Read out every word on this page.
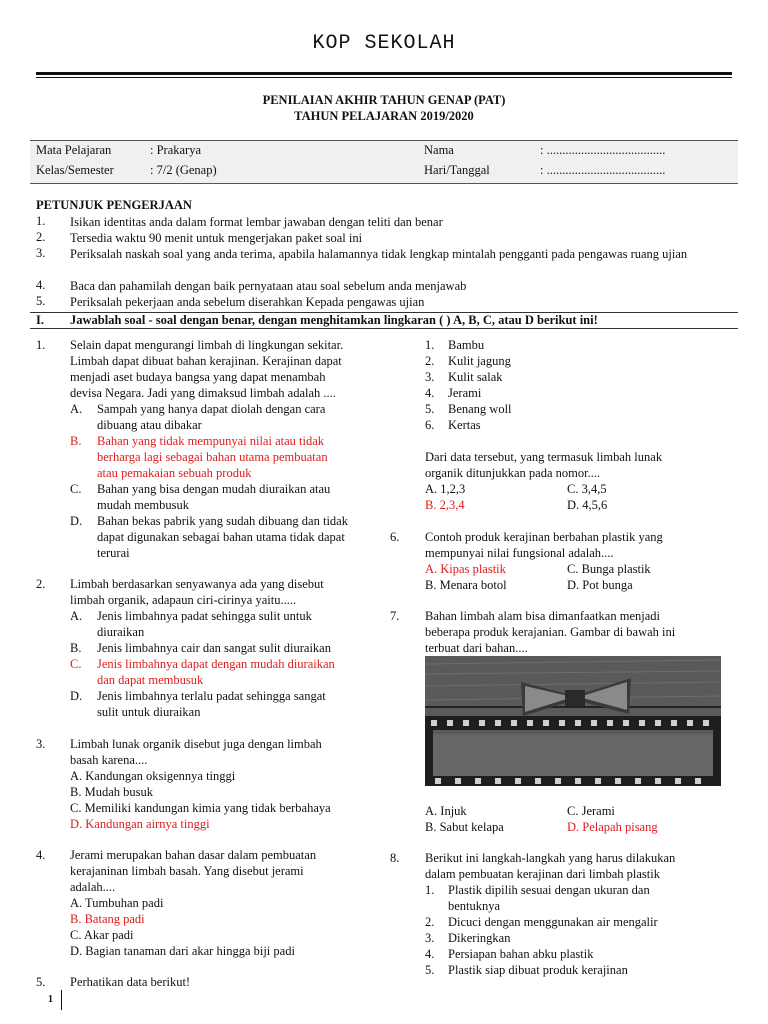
KOP SEKOLAH
PENILAIAN AKHIR TAHUN GENAP (PAT)
TAHUN PELAJARAN 2019/2020
Mata Pelajaran	: Prakarya
Kelas/Semester	: 7/2 (Genap)
Nama	: ......................................
Hari/Tanggal	: ......................................
PETUNJUK PENGERJAAN
1. Isikan identitas anda dalam format lembar jawaban dengan teliti dan benar
2. Tersedia waktu 90 menit untuk mengerjakan paket soal ini
3. Periksalah naskah soal yang anda terima, apabila halamannya tidak lengkap mintalah pengganti pada pengawas ruang ujian
4. Baca dan pahamilah dengan baik pernyataan atau soal sebelum anda menjawab
5. Periksalah pekerjaan anda sebelum diserahkan Kepada pengawas ujian
I. Jawablah soal - soal dengan benar, dengan menghitamkan lingkaran ( ) A, B, C, atau D berikut ini!
1. Selain dapat mengurangi limbah di lingkungan sekitar.
Limbah dapat dibuat bahan kerajinan. Kerajinan dapat
menjadi aset budaya bangsa yang dapat menambah
devisa Negara. Jadi yang dimaksud limbah adalah ....
A. Sampah yang hanya dapat diolah dengan cara
dibuang atau dibakar
B. Bahan yang tidak mempunyai nilai atau tidak
berharga lagi sebagai bahan utama pembuatan
atau pemakaian sebuah produk
C. Bahan yang bisa dengan mudah diuraikan atau
mudah membusuk
D. Bahan bekas pabrik yang sudah dibuang dan tidak
dapat digunakan sebagai bahan utama tidak dapat
terurai
2. Limbah berdasarkan senyawanya ada yang disebut
limbah organik, adapaun ciri-cirinya yaitu.....
A. Jenis limbahnya padat sehingga sulit untuk
diuraikan
B. Jenis limbahnya cair dan sangat sulit diuraikan
C. Jenis limbahnya dapat dengan mudah diuraikan
dan dapat membusuk
D. Jenis limbahnya terlalu padat sehingga sangat
sulit untuk diuraikan
3. Limbah lunak organik disebut juga dengan limbah
basah karena....
A. Kandungan oksigennya tinggi
B. Mudah busuk
C. Memiliki kandungan kimia yang tidak berbahaya
D. Kandungan airnya tinggi
4. Jerami merupakan bahan dasar dalam pembuatan
kerajaninan limbah basah. Yang disebut jerami
adalah....
A. Tumbuhan padi
B. Batang padi
C. Akar padi
D. Bagian tanaman dari akar hingga biji padi
5. Perhatikan data berikut!
1. Bambu
2. Kulit jagung
3. Kulit salak
4. Jerami
5. Benang woll
6. Kertas
Dari data tersebut, yang termasuk limbah lunak
organik ditunjukkan pada nomor....
A. 1,2,3	C. 3,4,5
B. 2,3,4	D. 4,5,6
6. Contoh produk kerajinan berbahan plastik yang
mempunyai nilai fungsional adalah....
A. Kipas plastik	C. Bunga plastik
B. Menara botol	D. Pot bunga
7. Bahan limbah alam bisa dimanfaatkan menjadi
beberapa produk kerajanian. Gambar di bawah ini
terbuat dari bahan....
A. Injuk	C. Jerami
B. Sabut kelapa	D. Pelapah pisang
8. Berikut ini langkah-langkah yang harus dilakukan
dalam pembuatan kerajinan dari limbah plastik
1. Plastik dipilih sesuai dengan ukuran dan
bentuknya
2. Dicuci dengan menggunakan air mengalir
3. Dikeringkan
4. Persiapan bahan abku plastik
5. Plastik siap dibuat produk kerajinan
1
